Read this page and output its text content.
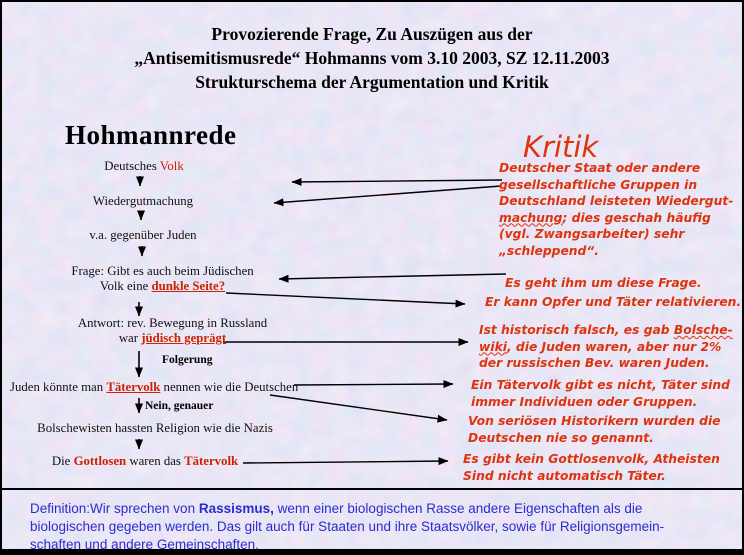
Provozierende Frage, Zu Auszügen aus der
„Antisemitismusrede“ Hohmanns vom 3.10 2003, SZ 12.11.2003
Strukturschema der Argumentation und Kritik
Hohmannrede
Deutsches Volk
Wiedergutmachung
v.a. gegenüber Juden
Frage: Gibt es auch beim Jüdischen
Volk eine dunkle Seite?
Antwort: rev. Bewegung in Russland
war jüdisch geprägt
Folgerung
Juden könnte man Tätervolk nennen wie die Deutschen
Nein, genauer
Bolschewisten hassten Religion wie die Nazis
Die Gottlosen waren das Tätervolk
Kritik
Deutscher Staat oder andere
gesellschaftliche Gruppen in
Deutschland leisteten Wiedergut-
machung; dies geschah häufig
(vgl. Zwangsarbeiter) sehr
„schleppend“.
Es geht ihm um diese Frage.
Er kann Opfer und Täter relativieren.
Ist historisch falsch, es gab Bolsche-
wiki, die Juden waren, aber nur 2%
der russischen Bev. waren Juden.
Ein Tätervolk gibt es nicht, Täter sind
immer Individuen oder Gruppen.
Von seriösen Historikern wurden die
Deutschen nie so genannt.
Es gibt kein Gottlosenvolk, Atheisten
Sind nicht automatisch Täter.
Definition:Wir sprechen von Rassismus, wenn einer biologischen Rasse andere Eigenschaften als die
biologischen gegeben werden. Das gilt auch für Staaten und ihre Staatsvölker, sowie für Religionsgemein-
schaften und andere Gemeinschaften.
